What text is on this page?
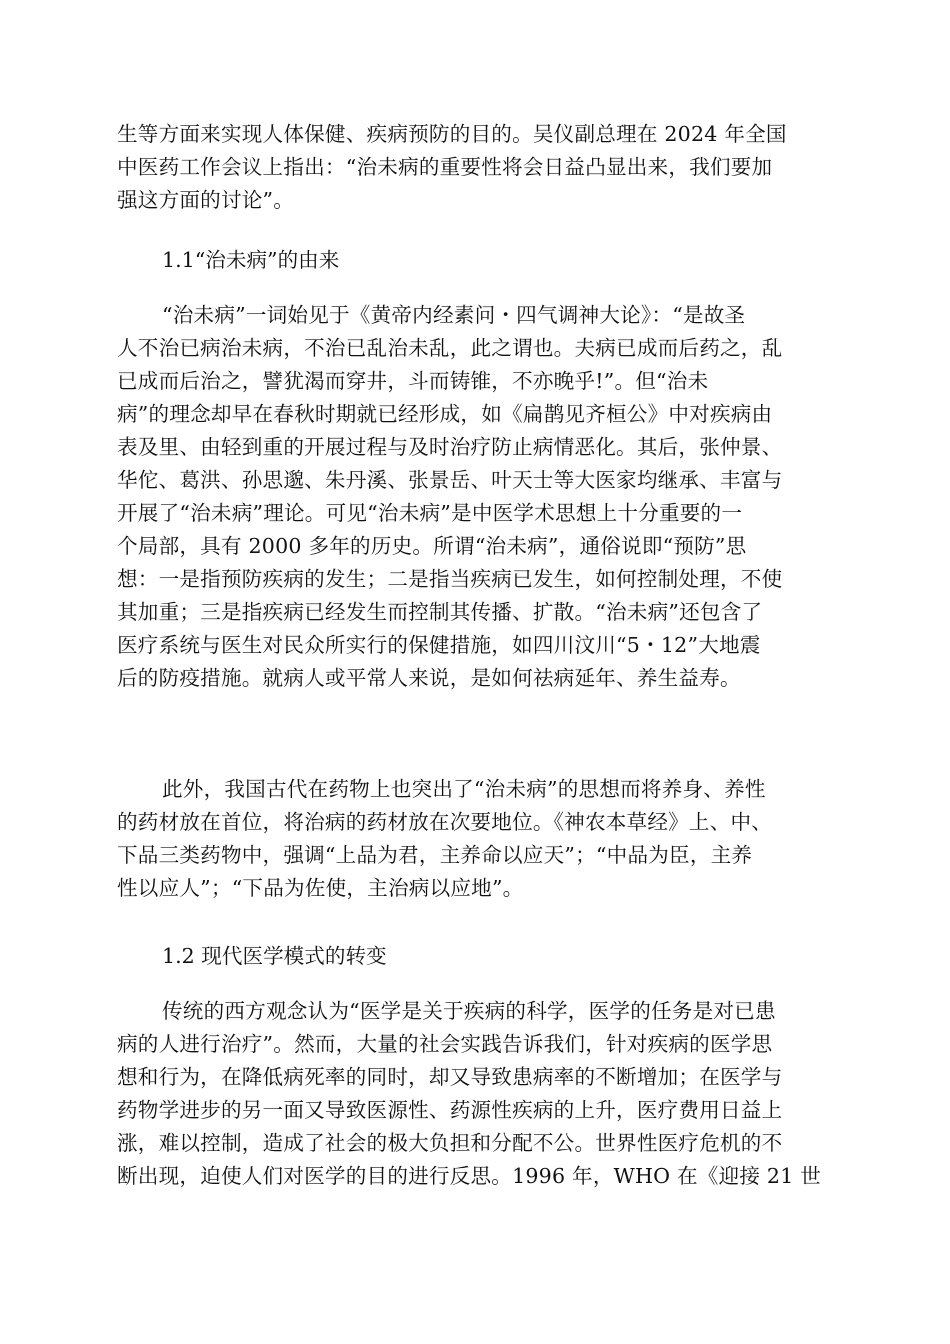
生等方面来实现人体保健、疾病预防的目的。吴仪副总理在 2024 年全国
中医药工作会议上指出：“治未病的重要性将会日益凸显出来，我们要加
强这方面的讨论”。
1.1“治未病”的由来
“治未病”一词始见于《黄帝内经素问・四气调神大论》：“是故圣
人不治已病治未病，不治已乱治未乱，此之谓也。夫病已成而后药之，乱
已成而后治之，譬犹渴而穿井，斗而铸锥，不亦晚乎!”。但“治未
病”的理念却早在春秋时期就已经形成，如《扁鹊见齐桓公》中对疾病由
表及里、由轻到重的开展过程与及时治疗防止病情恶化。其后，张仲景、
华佗、葛洪、孙思邈、朱丹溪、张景岳、叶天士等大医家均继承、丰富与
开展了“治未病”理论。可见“治未病”是中医学术思想上十分重要的一
个局部，具有 2000 多年的历史。所谓“治未病”，通俗说即“预防”思
想：一是指预防疾病的发生；二是指当疾病已发生，如何控制处理，不使
其加重；三是指疾病已经发生而控制其传播、扩散。“治未病”还包含了
医疗系统与医生对民众所实行的保健措施，如四川汶川“5・12”大地震
后的防疫措施。就病人或平常人来说，是如何祛病延年、养生益寿。
此外，我国古代在药物上也突出了“治未病”的思想而将养身、养性
的药材放在首位，将治病的药材放在次要地位。《神农本草经》上、中、
下品三类药物中，强调“上品为君，主养命以应天”；“中品为臣，主养
性以应人”；“下品为佐使，主治病以应地”。
1.2 现代医学模式的转变
传统的西方观念认为“医学是关于疾病的科学，医学的任务是对已患
病的人进行治疗”。然而，大量的社会实践告诉我们，针对疾病的医学思
想和行为，在降低病死率的同时，却又导致患病率的不断增加；在医学与
药物学进步的另一面又导致医源性、药源性疾病的上升，医疗费用日益上
涨，难以控制，造成了社会的极大负担和分配不公。世界性医疗危机的不
断出现，迫使人们对医学的目的进行反思。1996 年，WHO 在《迎接 21 世
